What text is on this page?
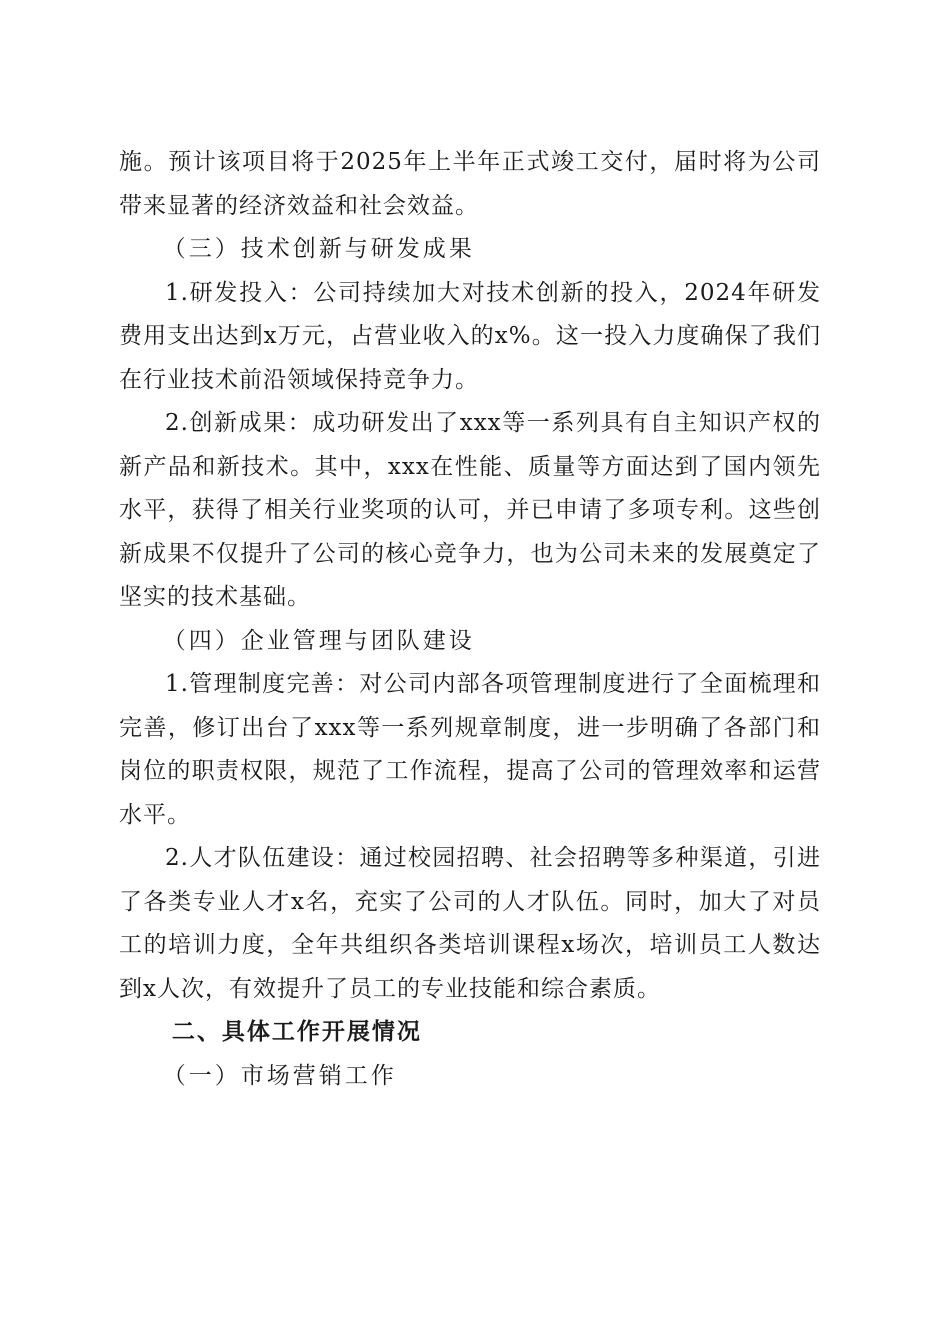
施。预计该项目将于2025年上半年正式竣工交付，届时将为公司带来显著的经济效益和社会效益。

（三）技术创新与研发成果

1.研发投入：公司持续加大对技术创新的投入，2024年研发费用支出达到x万元，占营业收入的x%。这一投入力度确保了我们在行业技术前沿领域保持竞争力。

2.创新成果：成功研发出了xxx等一系列具有自主知识产权的新产品和新技术。其中，xxx在性能、质量等方面达到了国内领先水平，获得了相关行业奖项的认可，并已申请了多项专利。这些创新成果不仅提升了公司的核心竞争力，也为公司未来的发展奠定了坚实的技术基础。

（四）企业管理与团队建设

1.管理制度完善：对公司内部各项管理制度进行了全面梳理和完善，修订出台了xxx等一系列规章制度，进一步明确了各部门和岗位的职责权限，规范了工作流程，提高了公司的管理效率和运营水平。

2.人才队伍建设：通过校园招聘、社会招聘等多种渠道，引进了各类专业人才x名，充实了公司的人才队伍。同时，加大了对员工的培训力度，全年共组织各类培训课程x场次，培训员工人数达到x人次，有效提升了员工的专业技能和综合素质。

二、具体工作开展情况

（一）市场营销工作
